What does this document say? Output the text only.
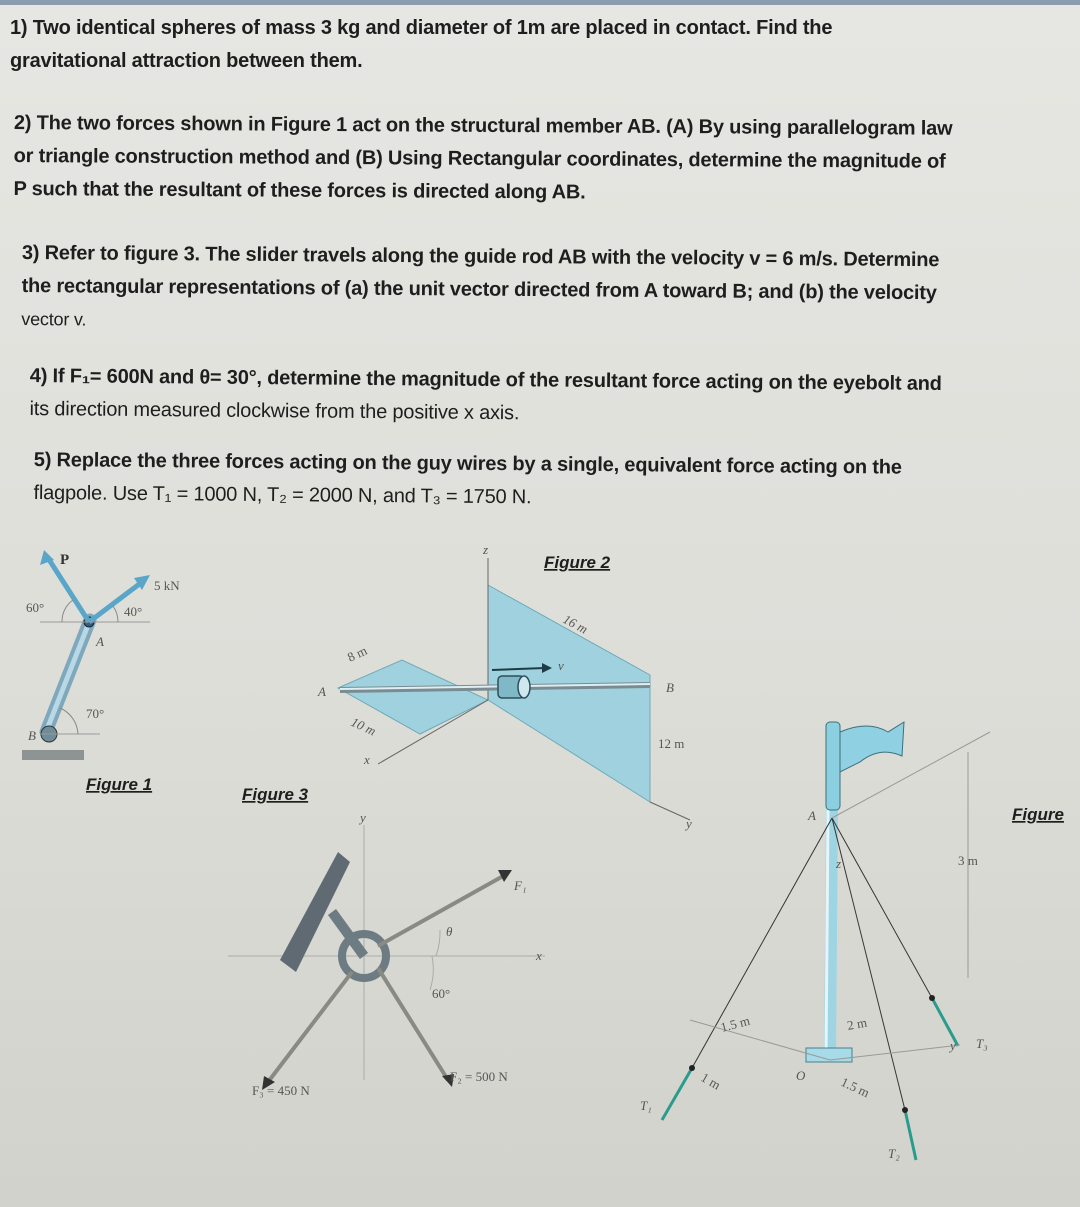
1) Two identical spheres of mass 3 kg and diameter of 1m are placed in contact. Find the
gravitational attraction between them.
2) The two forces shown in Figure 1 act on the structural member AB. (A) By using parallelogram law
or triangle construction method and (B) Using Rectangular coordinates, determine the magnitude of
P such that the resultant of these forces is directed along AB.
3) Refer to figure 3. The slider travels along the guide rod AB with the velocity v = 6 m/s. Determine
the rectangular representations of (a) the unit vector directed from A toward B; and (b) the velocity
vector v.
4) If F₁= 600N and θ= 30°, determine the magnitude of the resultant force acting on the eyebolt and
its direction measured clockwise from the positive x axis.
5) Replace the three forces acting on the guy wires by a single, equivalent force acting on the
flagpole. Use T₁ = 1000 N, T₂ = 2000 N, and T₃ = 1750 N.
P
5 kN
60°	40°
A
70°
B
Figure 1
z
16 m
8 m
10 m
12 m
A	B
v
x
y
Figure 2
Figure 3
y
x
F₁
θ
60°
F₂ = 500 N
F₃ = 450 N
A
O
z	3 m
1.5 m	2 m
1 m	1.5 m
T₁
T₂
T₃
y
Figure
